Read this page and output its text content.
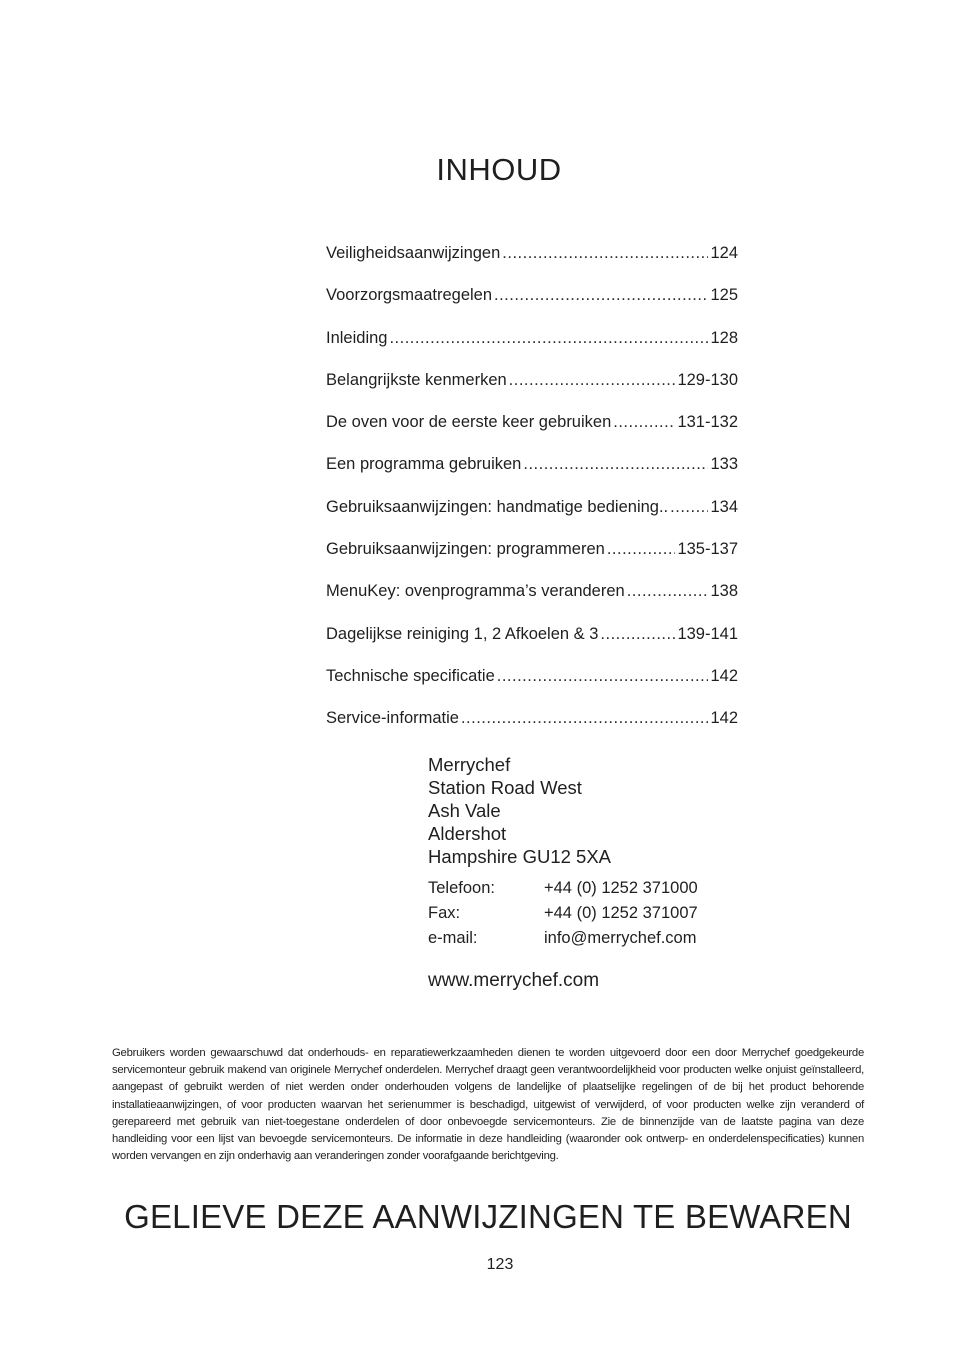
INHOUD
Veiligheidsaanwijzingen .....	124
Voorzorgsmaatregelen .....	125
Inleiding .....	128
Belangrijkste kenmerken .....	129-130
De oven voor de eerste keer gebruiken .....	131-132
Een programma gebruiken .....	133
Gebruiksaanwijzingen: handmatige bediening.. .....	134
Gebruiksaanwijzingen: programmeren .....	135-137
MenuKey: ovenprogramma’s veranderen .....	138
Dagelijkse reiniging 1, 2 Afkoelen & 3 .....	139-141
Technische specificatie .....	142
Service-informatie .....	142
Merrychef
Station Road West
Ash Vale
Aldershot
Hampshire GU12 5XA
Telefoon:	+44 (0) 1252 371000
Fax:	+44 (0) 1252 371007
e-mail:	info@merrychef.com
www.merrychef.com
Gebruikers worden gewaarschuwd dat onderhouds- en reparatiewerkzaamheden dienen te worden uitgevoerd door een door Merrychef goedgekeurde servicemonteur gebruik makend van originele Merrychef onderdelen. Merrychef draagt geen verantwoordelijkheid voor producten welke onjuist geïnstalleerd, aangepast of gebruikt werden of niet werden onder onderhouden volgens de landelijke of plaatselijke regelingen of de bij het product behorende installatieaanwijzingen, of voor producten waarvan het serienummer is beschadigd, uitgewist of verwijderd, of voor producten welke zijn veranderd of gerepareerd met gebruik van niet-toegestane onderdelen of door onbevoegde servicemonteurs. Zie de binnenzijde van de laatste pagina van deze handleiding voor een lijst van bevoegde servicemonteurs. De informatie in deze handleiding (waaronder ook ontwerp- en onderdelenspecificaties) kunnen worden vervangen en zijn onderhavig aan veranderingen zonder voorafgaande berichtgeving.
GELIEVE DEZE AANWIJZINGEN TE BEWAREN
123
